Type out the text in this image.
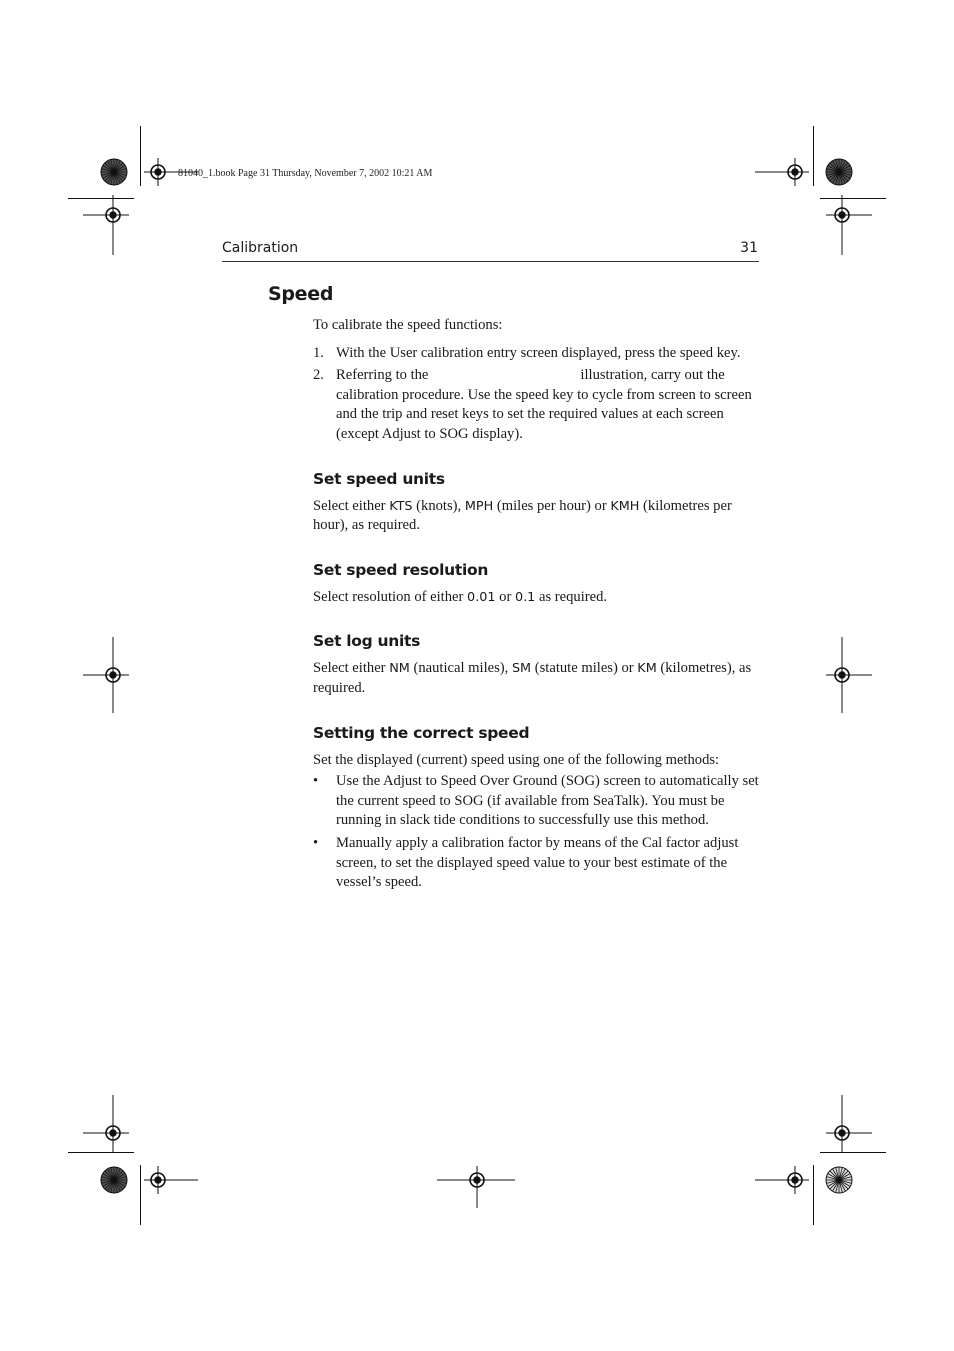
81040_1.book Page 31 Thursday, November 7, 2002 10:21 AM
Calibration	31
Speed

To calibrate the speed functions:

1. With the User calibration entry screen displayed, press the speed key.
2. Referring to the	illustration, carry out the calibration procedure. Use the speed key to cycle from screen to screen and the trip and reset keys to set the required values at each screen (except Adjust to SOG display).
Set speed units

Select either KTS (knots), MPH (miles per hour) or KMH (kilometres per hour), as required.

Set speed resolution

Select resolution of either 0.01 or 0.1 as required.

Set log units

Select either NM (nautical miles), SM (statute miles) or KM (kilometres), as required.

Setting the correct speed

Set the displayed (current) speed using one of the following methods:

• Use the Adjust to Speed Over Ground (SOG) screen to automatically set the current speed to SOG (if available from SeaTalk). You must be running in slack tide conditions to successfully use this method.
• Manually apply a calibration factor by means of the Cal factor adjust screen, to set the displayed speed value to your best estimate of the vessel’s speed.
